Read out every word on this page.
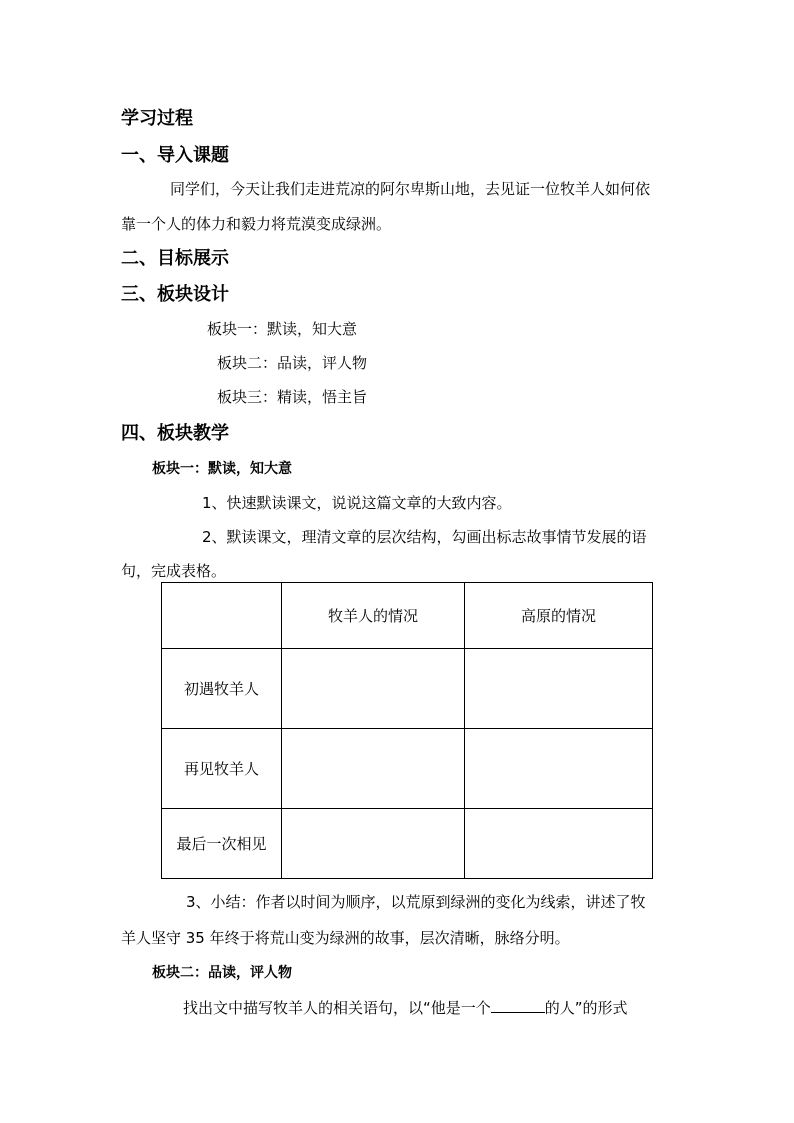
学习过程
一、导入课题
同学们，今天让我们走进荒凉的阿尔卑斯山地，去见证一位牧羊人如何依
靠一个人的体力和毅力将荒漠变成绿洲。
二、目标展示
三、板块设计
板块一：默读，知大意
板块二：品读，评人物
板块三：精读，悟主旨
四、板块教学
板块一：默读，知大意
1、快速默读课文，说说这篇文章的大致内容。
2、默读课文，理清文章的层次结构，勾画出标志故事情节发展的语
句，完成表格。
	牧羊人的情况	高原的情况
初遇牧羊人		
再见牧羊人		
最后一次相见		
3、小结：作者以时间为顺序，以荒原到绿洲的变化为线索，讲述了牧
羊人坚守 35 年终于将荒山变为绿洲的故事，层次清晰，脉络分明。
板块二：品读，评人物
找出文中描写牧羊人的相关语句，以“他是一个	的人”的形式
